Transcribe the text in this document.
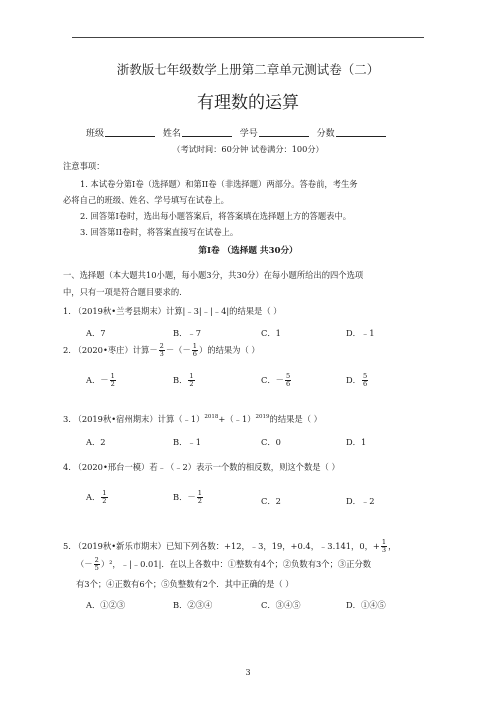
浙教版七年级数学上册第二章单元测试卷（二）
有理数的运算
班级	姓名	学号	分数
（考试时间：60分钟 试卷满分：100分）
注意事项：
1. 本试卷分第I卷（选择题）和第II卷（非选择题）两部分。答卷前，考生务
必将自己的班级、姓名、学号填写在试卷上。
2. 回答第I卷时，选出每小题答案后，将答案填在选择题上方的答题表中。
3. 回答第II卷时，将答案直接写在试卷上。
第I卷 （选择题 共30分）
一、选择题（本大题共10小题，每小题3分，共30分）在每小题所给出的四个选项
中，只有一项是符合题目要求的.
1. （2019秋•兰考县期末）计算|﹣3|﹣|﹣4|的结果是（ ）
A．7	B．﹣7	C．1	D．﹣1
2. （2020•枣庄）计算－ $\frac{2}{3}$ －（－ $\frac{1}{6}$ ）的结果为（ ）
A．－ $\frac{1}{2}$	B． $\frac{1}{2}$	C．－ $\frac{5}{6}$	D． $\frac{5}{6}$
3. （2019秋•宿州期末）计算（﹣1）$^{2018}$+（﹣1）$^{2019}$的结果是（ ）
A．2	B．﹣1	C．0	D．1
4. （2020•邢台一模）若﹣（﹣2）表示一个数的相反数，则这个数是（ ）
A． $\frac{1}{2}$	B．－ $\frac{1}{2}$	C．2	D．﹣2
5. （2019秋•新乐市期末）已知下列各数：+12，﹣3，19，+0.4，﹣3.141，0，+ $\frac{1}{3}$ ，
（－ $\frac{2}{5} )^2$，﹣|﹣0.01|．在以上各数中：①整数有4个；②负数有3个；③正分数
有3个；④正数有6个；⑤负整数有2个．其中正确的是（ ）
A．①②③	B．②③④	C．③④⑤	D．①④⑤
3
